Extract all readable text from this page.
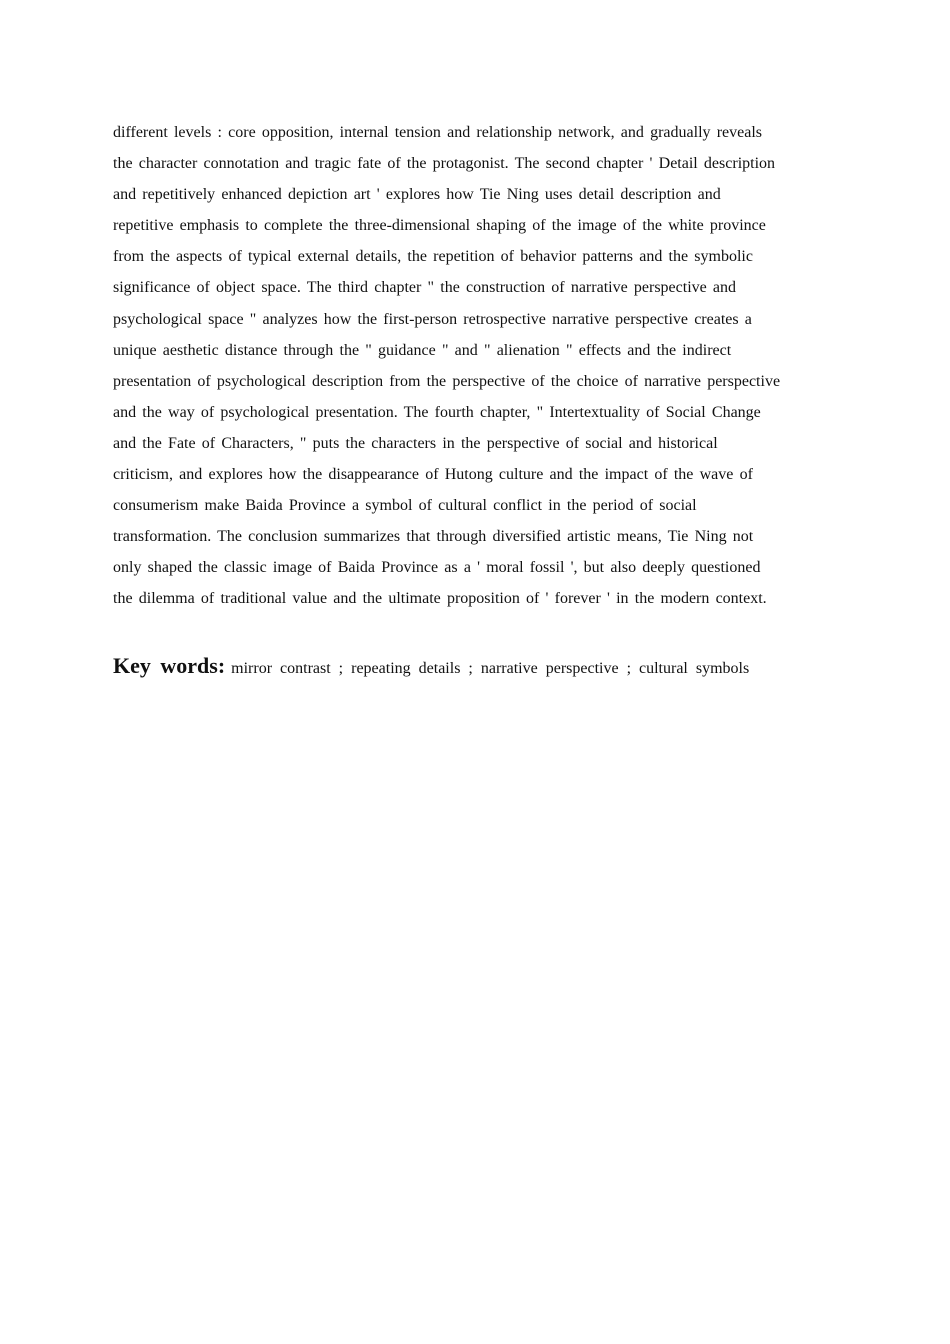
different levels : core opposition, internal tension and relationship network, and gradually reveals
the character connotation and tragic fate of the protagonist. The second chapter ' Detail description
and repetitively enhanced depiction art ' explores how Tie Ning uses detail description and
repetitive emphasis to complete the three-dimensional shaping of the image of the white province
from the aspects of typical external details, the repetition of behavior patterns and the symbolic
significance of object space. The third chapter " the construction of narrative perspective and
psychological space " analyzes how the first-person retrospective narrative perspective creates a
unique aesthetic distance through the " guidance " and " alienation " effects and the indirect
presentation of psychological description from the perspective of the choice of narrative perspective
and the way of psychological presentation. The fourth chapter, " Intertextuality of Social Change
and the Fate of Characters, " puts the characters in the perspective of social and historical
criticism, and explores how the disappearance of Hutong culture and the impact of the wave of
consumerism make Baida Province a symbol of cultural conflict in the period of social
transformation. The conclusion summarizes that through diversified artistic means, Tie Ning not
only shaped the classic image of Baida Province as a ' moral fossil ', but also deeply questioned
the dilemma of traditional value and the ultimate proposition of ' forever ' in the modern context.
Key words: mirror contrast ; repeating details ; narrative perspective ; cultural symbols
